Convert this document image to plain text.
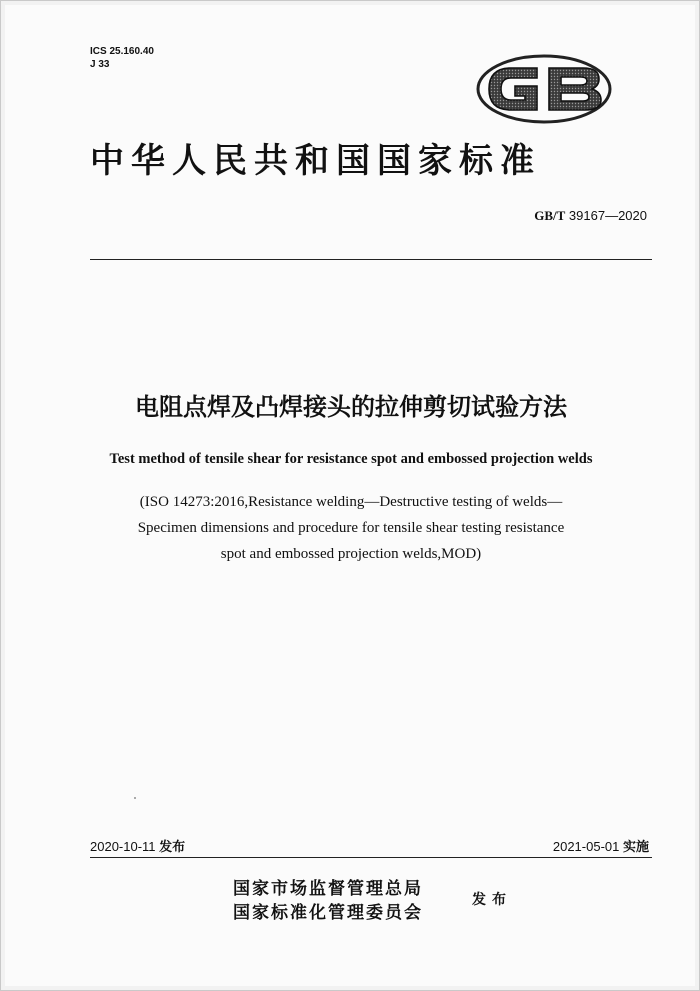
ICS 25.160.40
J 33
中华人民共和国国家标准
GB/T 39167—2020
电阻点焊及凸焊接头的拉伸剪切试验方法
Test method of tensile shear for resistance spot and embossed projection welds
(ISO 14273:2016,Resistance welding—Destructive testing of welds—
Specimen dimensions and procedure for tensile shear testing resistance
spot and embossed projection welds,MOD)
2020-10-11 发布	2021-05-01 实施
国家市场监督管理总局
国家标准化管理委员会
发布
